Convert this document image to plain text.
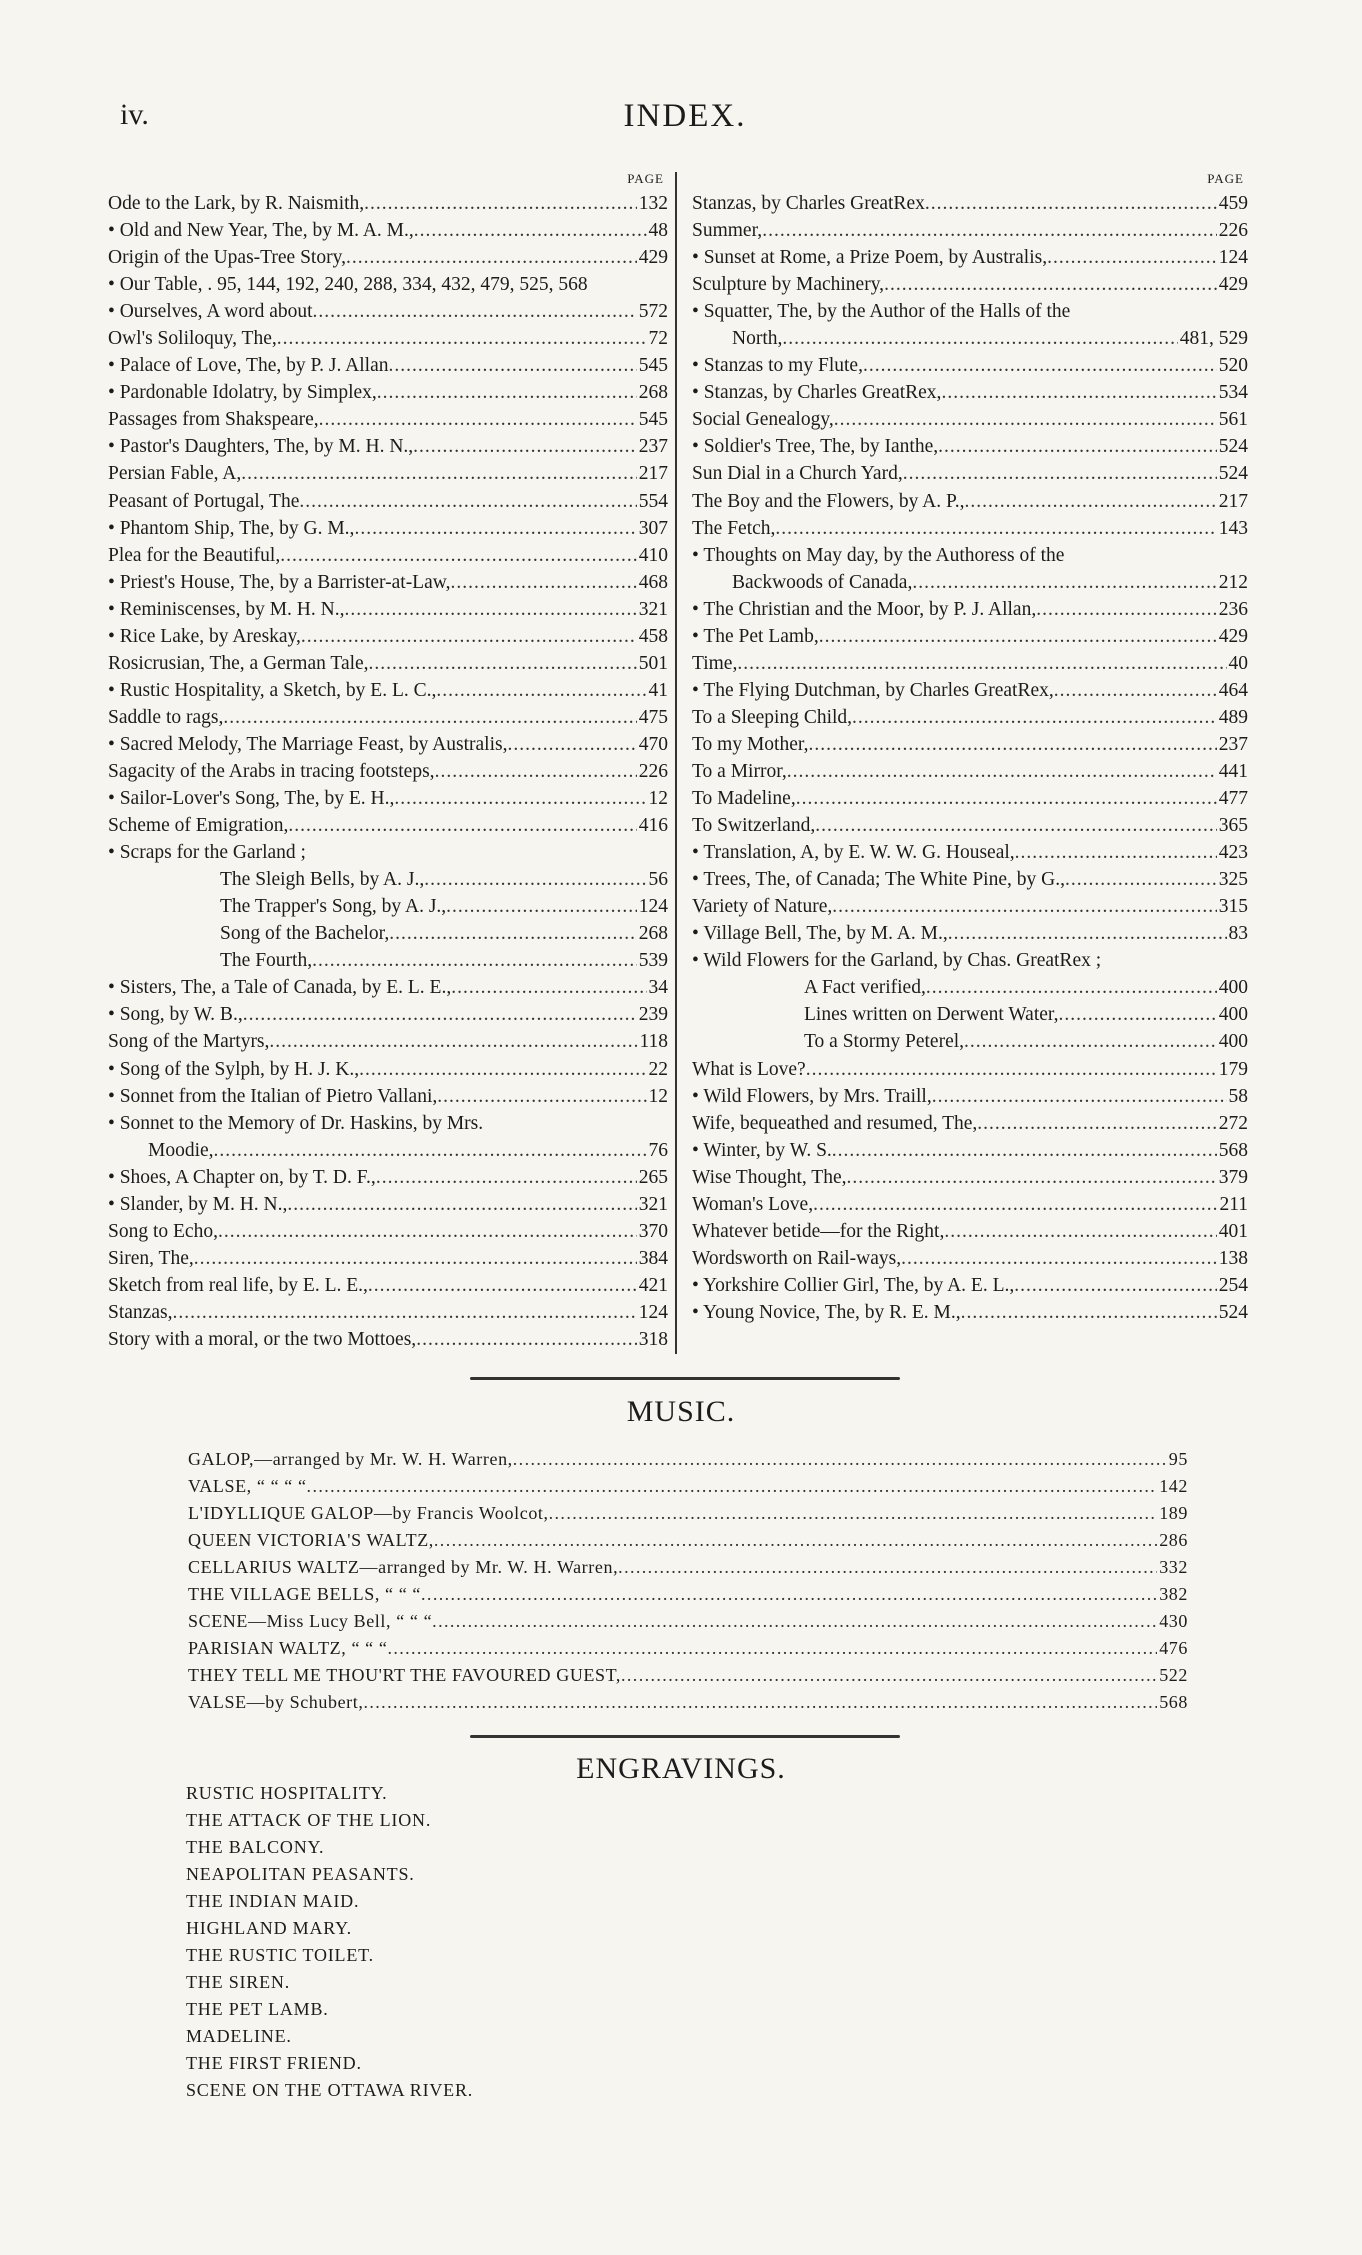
iv.	INDEX.
PAGE
Ode to the Lark, by R. Naismith, .....	132
• Old and New Year, The, by M. A. M., .....	48
Origin of the Upas-Tree Story, .....	429
• Our Table, . 95, 144, 192, 240, 288, 334, 432, 479, 525, 568
• Ourselves, A word about .....	572
Owl's Soliloquy, The, .....	72
• Palace of Love, The, by P. J. Allan .....	545
• Pardonable Idolatry, by Simplex, .....	268
Passages from Shakspeare, .....	545
• Pastor's Daughters, The, by M. H. N., .....	237
Persian Fable, A, .....	217
Peasant of Portugal, The .....	554
• Phantom Ship, The, by G. M., .....	307
Plea for the Beautiful, .....	410
• Priest's House, The, by a Barrister-at-Law, .....	468
• Reminiscenses, by M. H. N., .....	321
• Rice Lake, by Areskay, .....	458
Rosicrusian, The, a German Tale, .....	501
• Rustic Hospitality, a Sketch, by E. L. C., .....	41
Saddle to rags, .....	475
• Sacred Melody, The Marriage Feast, by Australis, .....	470
Sagacity of the Arabs in tracing footsteps, .....	226
• Sailor-Lover's Song, The, by E. H., .....	12
Scheme of Emigration, .....	416
• Scraps for the Garland ;
The Sleigh Bells, by A. J., .....	56
The Trapper's Song, by A. J., .....	124
Song of the Bachelor, .....	268
The Fourth, .....	539
• Sisters, The, a Tale of Canada, by E. L. E., .....	34
• Song, by W. B., .....	239
Song of the Martyrs, .....	118
• Song of the Sylph, by H. J. K., .....	22
• Sonnet from the Italian of Pietro Vallani, .....	12
• Sonnet to the Memory of Dr. Haskins, by Mrs.
Moodie, .....	76
• Shoes, A Chapter on, by T. D. F., .....	265
• Slander, by M. H. N., .....	321
Song to Echo, .....	370
Siren, The, .....	384
Sketch from real life, by E. L. E., .....	421
Stanzas, .....	124
Story with a moral, or the two Mottoes, .....	318
PAGE
Stanzas, by Charles GreatRex .....	459
Summer, .....	226
• Sunset at Rome, a Prize Poem, by Australis, .....	124
Sculpture by Machinery, .....	429
• Squatter, The, by the Author of the Halls of the
North, .....	481, 529
• Stanzas to my Flute, .....	520
• Stanzas, by Charles GreatRex, .....	534
Social Genealogy, .....	561
• Soldier's Tree, The, by Ianthe, .....	524
Sun Dial in a Church Yard, .....	524
The Boy and the Flowers, by A. P., .....	217
The Fetch, .....	143
• Thoughts on May day, by the Authoress of the
Backwoods of Canada, .....	212
• The Christian and the Moor, by P. J. Allan, .....	236
• The Pet Lamb, .....	429
Time, .....	40
• The Flying Dutchman, by Charles GreatRex, .....	464
To a Sleeping Child, .....	489
To my Mother, .....	237
To a Mirror, .....	441
To Madeline, .....	477
To Switzerland, .....	365
• Translation, A, by E. W. W. G. Houseal, .....	423
• Trees, The, of Canada; The White Pine, by G., .....	325
Variety of Nature, .....	315
• Village Bell, The, by M. A. M., .....	83
• Wild Flowers for the Garland, by Chas. GreatRex ;
A Fact verified, .....	400
Lines written on Derwent Water, .....	400
To a Stormy Peterel, .....	400
What is Love? .....	179
• Wild Flowers, by Mrs. Traill, .....	58
Wife, bequeathed and resumed, The, .....	272
• Winter, by W. S. .....	568
Wise Thought, The, .....	379
Woman's Love, .....	211
Whatever betide—for the Right, .....	401
Wordsworth on Rail-ways, .....	138
• Yorkshire Collier Girl, The, by A. E. L., .....	254
• Young Novice, The, by R. E. M., .....	524
MUSIC.
GALOP,—arranged by Mr. W. H. Warren, .....	95
VALSE, “ “ “ “ .....	142
L'IDYLLIQUE GALOP—by Francis Woolcot, .....	189
QUEEN VICTORIA'S WALTZ, .....	286
CELLARIUS WALTZ—arranged by Mr. W. H. Warren, .....	332
THE VILLAGE BELLS, “ “ “ .....	382
SCENE—Miss Lucy Bell, “ “ “ .....	430
PARISIAN WALTZ, “ “ “ .....	476
THEY TELL ME THOU'RT THE FAVOURED GUEST, .....	522
VALSE—by Schubert, .....	568
ENGRAVINGS.
RUSTIC HOSPITALITY.
THE ATTACK OF THE LION.
THE BALCONY.
NEAPOLITAN PEASANTS.
THE INDIAN MAID.
HIGHLAND MARY.
THE RUSTIC TOILET.
THE SIREN.
THE PET LAMB.
MADELINE.
THE FIRST FRIEND.
SCENE ON THE OTTAWA RIVER.
